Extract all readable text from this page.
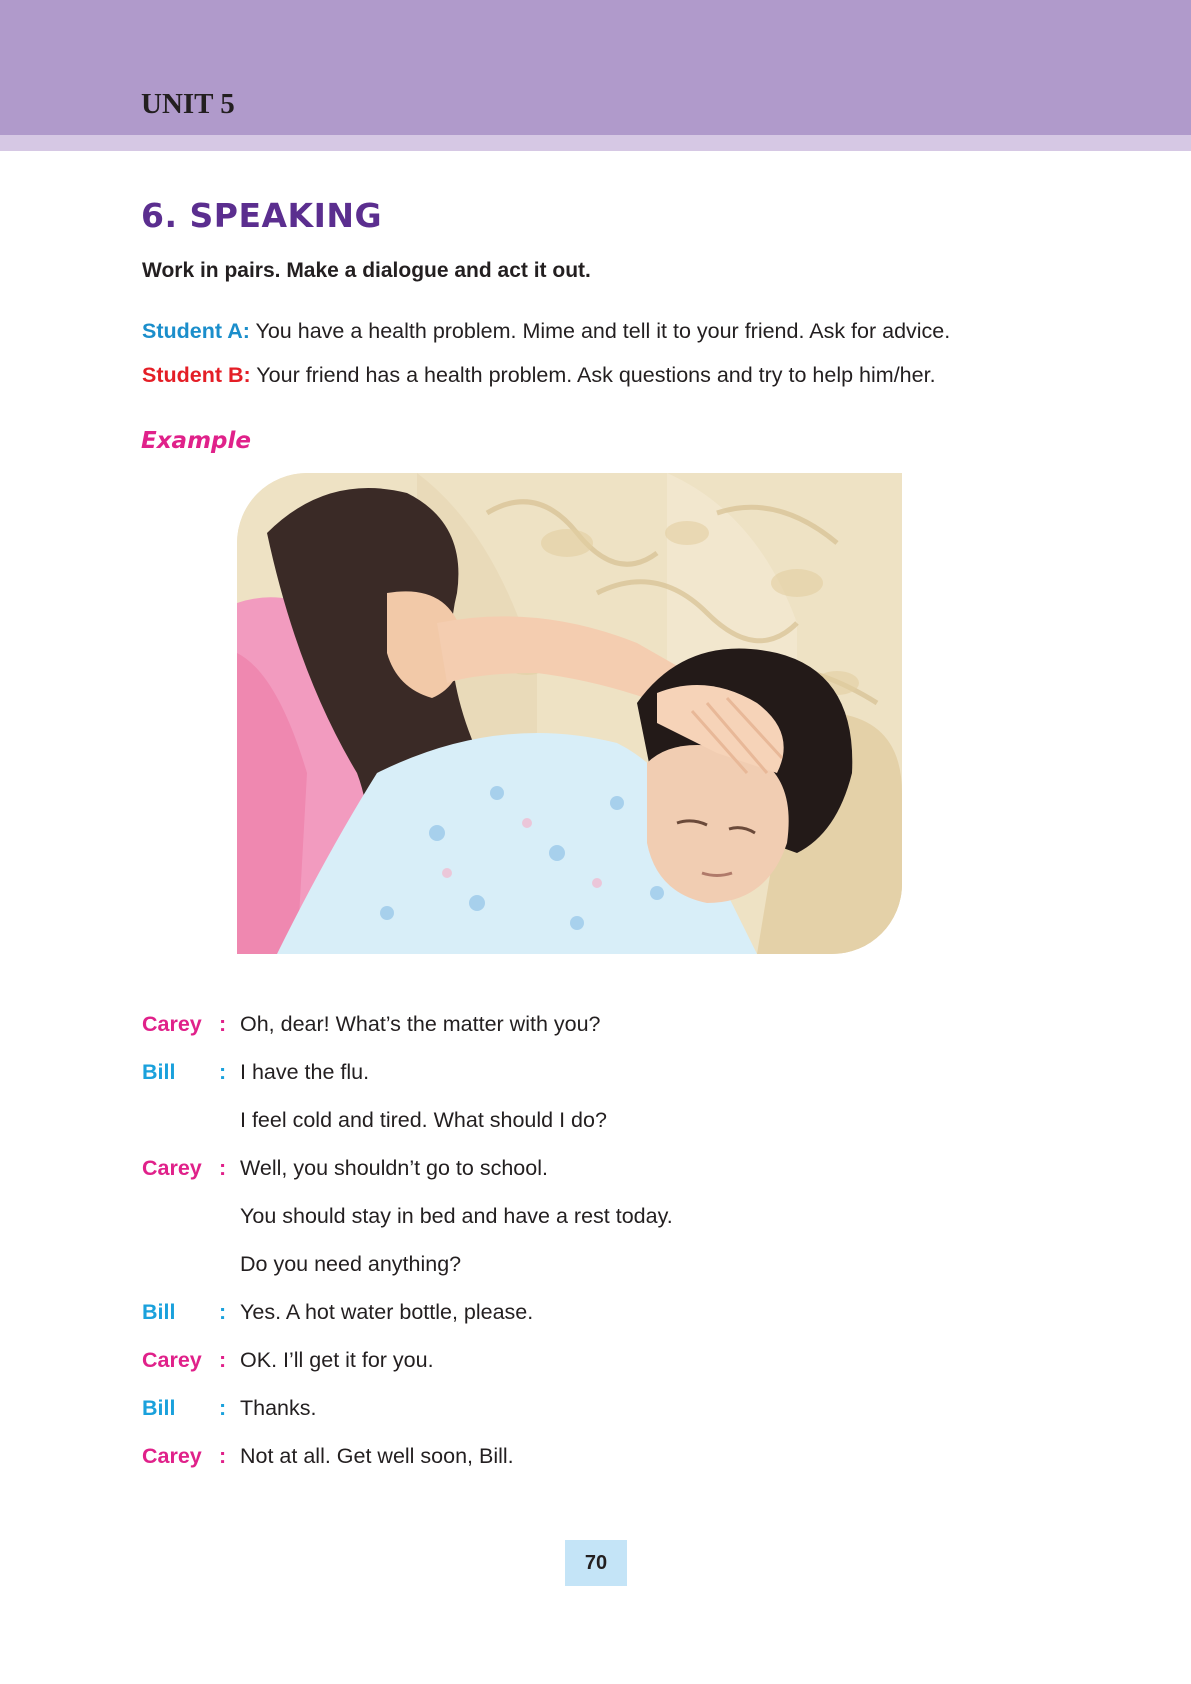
UNIT 5
6. SPEAKING
Work in pairs. Make a dialogue and act it out.
Student A: You have a health problem. Mime and tell it to your friend. Ask for advice.
Student B: Your friend has a health problem. Ask questions and try to help him/her.
Example
Carey : Oh, dear! What’s the matter with you?
Bill : I have the flu.
I feel cold and tired. What should I do?
Carey : Well, you shouldn’t go to school.
You should stay in bed and have a rest today.
Do you need anything?
Bill : Yes. A hot water bottle, please.
Carey : OK. I’ll get it for you.
Bill : Thanks.
Carey : Not at all. Get well soon, Bill.
70
